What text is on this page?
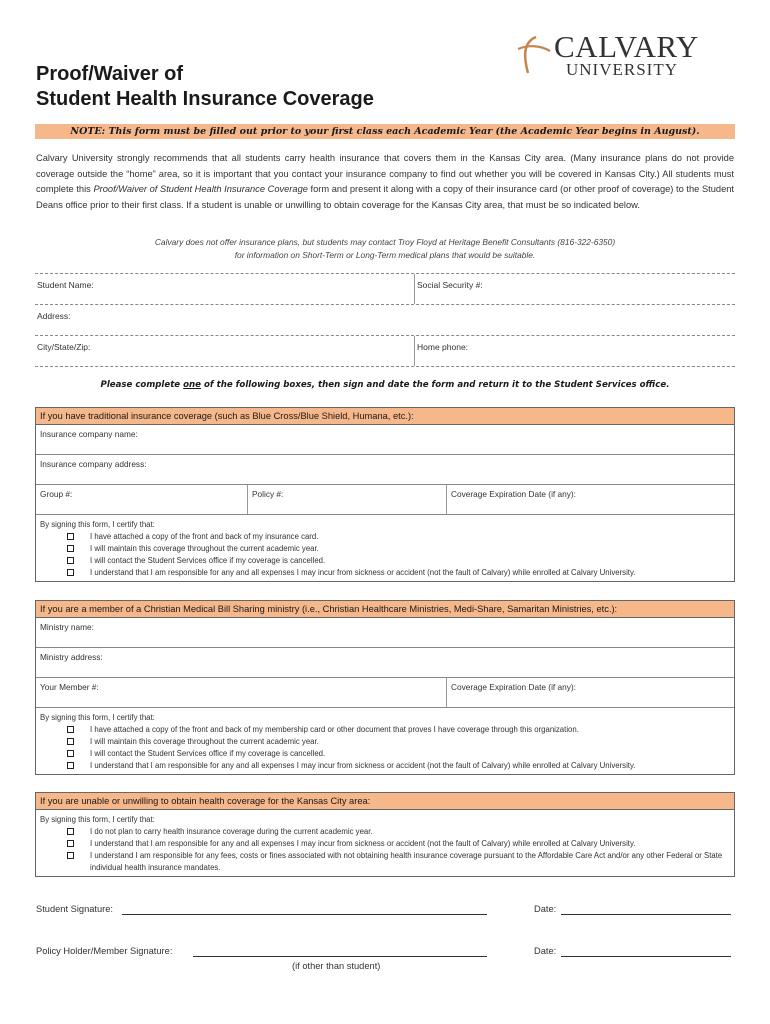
CALVARY
UNIVERSITY
Proof/Waiver of
Student Health Insurance Coverage
NOTE: This form must be filled out prior to your first class each Academic Year (the Academic Year begins in August).
Calvary University strongly recommends that all students carry health insurance that covers them in the Kansas City area. (Many insurance plans do not provide coverage outside the “home” area, so it is important that you contact your insurance company to find out whether you will be covered in Kansas City.) All students must complete this Proof/Waiver of Student Health Insurance Coverage form and present it along with a copy of their insurance card (or other proof of coverage) to the Student Deans office prior to their first class. If a student is unable or unwilling to obtain coverage for the Kansas City area, that must be so indicated below.
Calvary does not offer insurance plans, but students may contact Troy Floyd at Heritage Benefit Consultants (816-322-6350)
for information on Short-Term or Long-Term medical plans that would be suitable.
Student Name:	Social Security #:
Address:
City/State/Zip:	Home phone:
Please complete one of the following boxes, then sign and date the form and return it to the Student Services office.
If you have traditional insurance coverage (such as Blue Cross/Blue Shield, Humana, etc.):
Insurance company name:
Insurance company address:
Group #:	Policy #:	Coverage Expiration Date (if any):
By signing this form, I certify that:
I have attached a copy of the front and back of my insurance card.
I will maintain this coverage throughout the current academic year.
I will contact the Student Services office if my coverage is cancelled.
I understand that I am responsible for any and all expenses I may incur from sickness or accident (not the fault of Calvary) while enrolled at Calvary University.
If you are a member of a Christian Medical Bill Sharing ministry (i.e., Christian Healthcare Ministries, Medi-Share, Samaritan Ministries, etc.):
Ministry name:
Ministry address:
Your Member #:	Coverage Expiration Date (if any):
By signing this form, I certify that:
I have attached a copy of the front and back of my membership card or other document that proves I have coverage through this organization.
I will maintain this coverage throughout the current academic year.
I will contact the Student Services office if my coverage is cancelled.
I understand that I am responsible for any and all expenses I may incur from sickness or accident (not the fault of Calvary) while enrolled at Calvary University.
If you are unable or unwilling to obtain health coverage for the Kansas City area:
By signing this form, I certify that:
I do not plan to carry health insurance coverage during the current academic year.
I understand that I am responsible for any and all expenses I may incur from sickness or accident (not the fault of Calvary) while enrolled at Calvary University.
I understand I am responsible for any fees, costs or fines associated with not obtaining health insurance coverage pursuant to the Affordable Care Act and/or any other Federal or State individual health insurance mandates.
Student Signature:	Date:
Policy Holder/Member Signature:	Date:
(if other than student)
